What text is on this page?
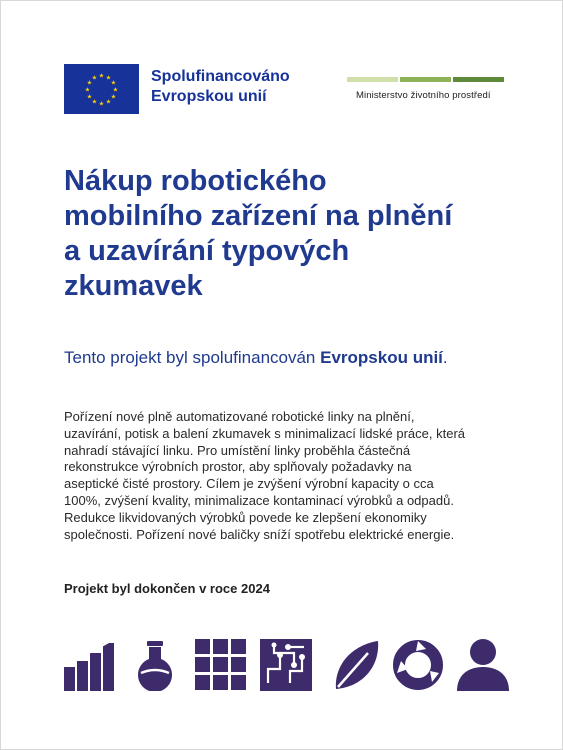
★ ★
★
★
★
★
★
★
★
★
★
★	Spolufinancováno
Evropskou unií	Ministerstvo životního prostředí
Nákup robotického
mobilního zařízení na plnění
a uzavírání typových
zkumavek
Tento projekt byl spolufinancován Evropskou unií.
Pořízení nové plně automatizované robotické linky na plnění,
uzavírání, potisk a balení zkumavek s minimalizací lidské práce, která
nahradí stávající linku. Pro umístění linky proběhla částečná
rekonstrukce výrobních prostor, aby splňovaly požadavky na
aseptické čisté prostory. Cílem je zvýšení výrobní kapacity o cca
100%, zvýšení kvality, minimalizace kontaminací výrobků a odpadů.
Redukce likvidovaných výrobků povede ke zlepšení ekonomiky
společnosti. Pořízení nové baličky sníží spotřebu elektrické energie.
Projekt byl dokončen v roce 2024
